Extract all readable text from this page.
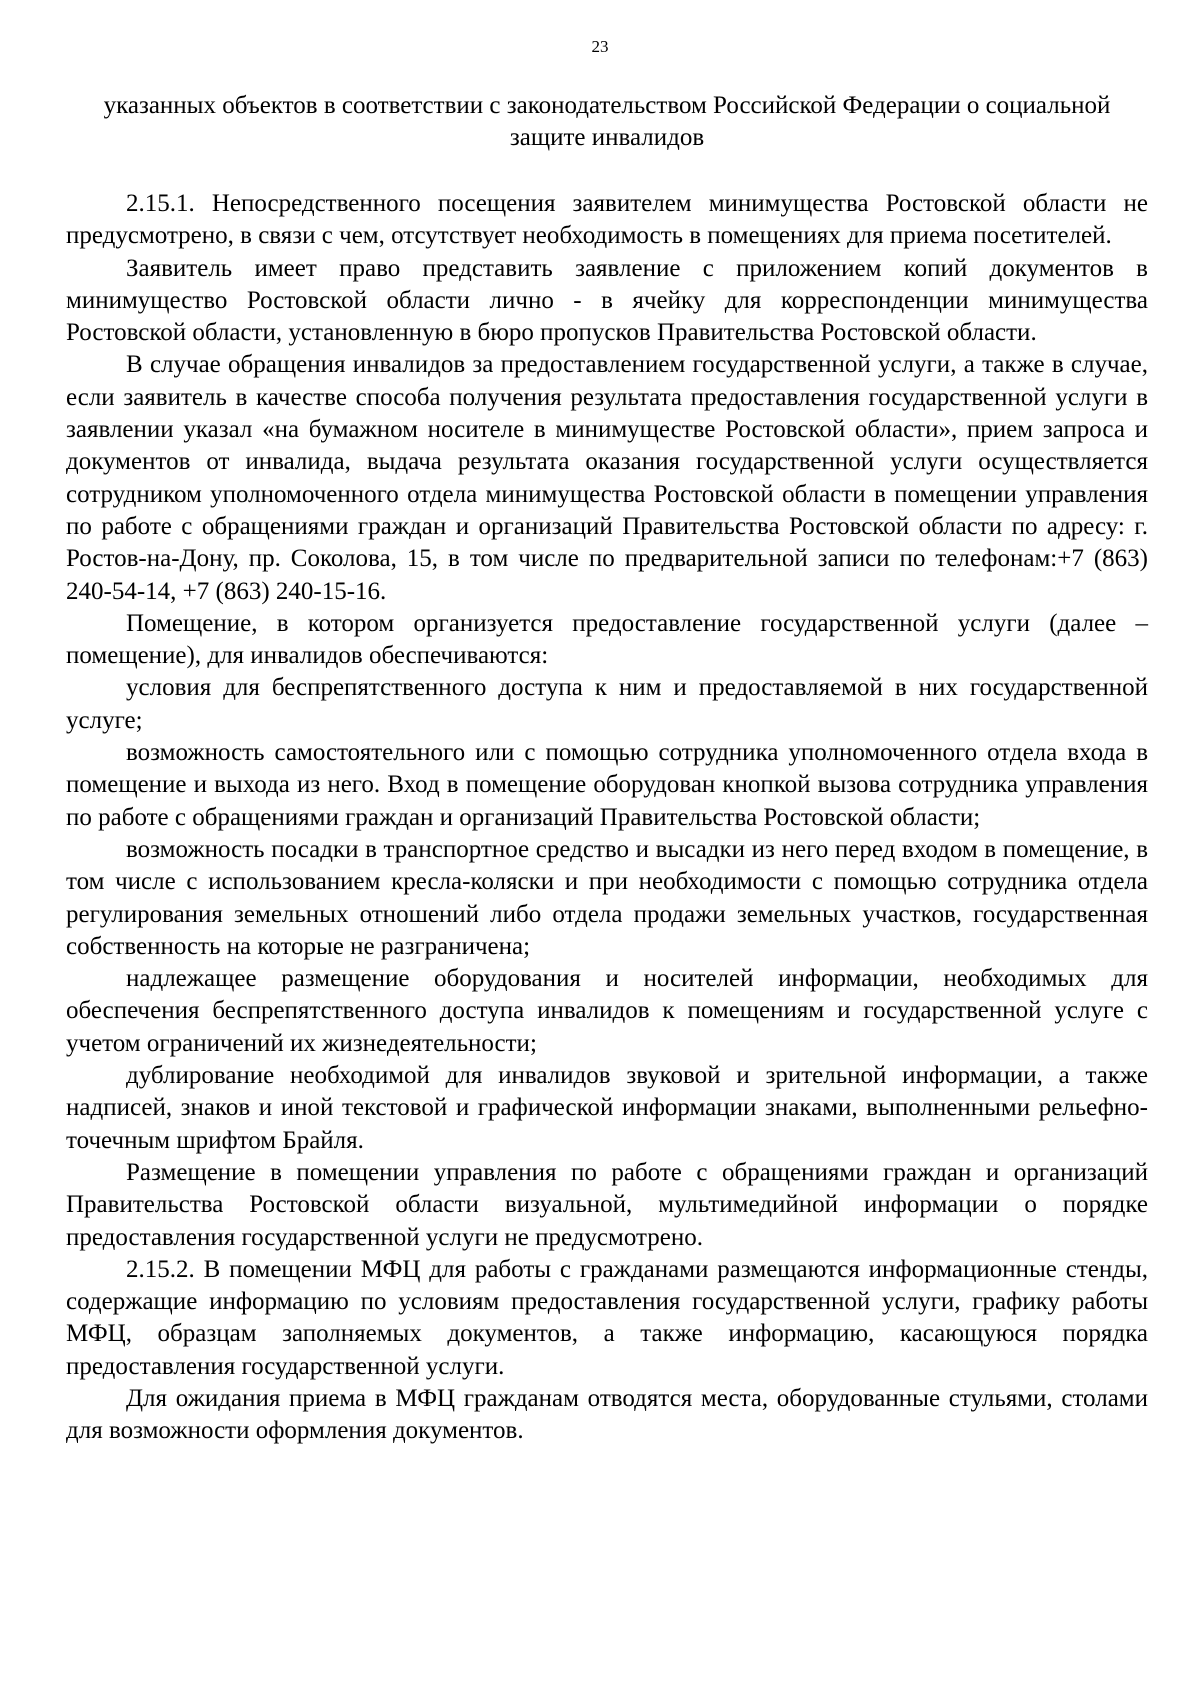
23
указанных объектов в соответствии с законодательством Российской Федерации о социальной защите инвалидов

2.15.1. Непосредственного посещения заявителем минимущества Ростовской области не предусмотрено, в связи с чем, отсутствует необходимость в помещениях для приема посетителей.

Заявитель имеет право представить заявление с приложением копий документов в минимущество Ростовской области лично - в ячейку для корреспонденции минимущества Ростовской области, установленную в бюро пропусков Правительства Ростовской области.

В случае обращения инвалидов за предоставлением государственной услуги, а также в случае, если заявитель в качестве способа получения результата предоставления государственной услуги в заявлении указал «на бумажном носителе в минимуществе Ростовской области», прием запроса и документов от инвалида, выдача результата оказания государственной услуги осуществляется сотрудником уполномоченного отдела минимущества Ростовской области в помещении управления по работе с обращениями граждан и организаций Правительства Ростовской области по адресу: г. Ростов-на-Дону, пр. Соколова, 15, в том числе по предварительной записи по телефонам:+7 (863) 240-54-14, +7 (863) 240-15-16.

Помещение, в котором организуется предоставление государственной услуги (далее – помещение), для инвалидов обеспечиваются:

условия для беспрепятственного доступа к ним и предоставляемой в них государственной услуге;

возможность самостоятельного или с помощью сотрудника уполномоченного отдела входа в помещение и выхода из него. Вход в помещение оборудован кнопкой вызова сотрудника управления по работе с обращениями граждан и организаций Правительства Ростовской области;

возможность посадки в транспортное средство и высадки из него перед входом в помещение, в том числе с использованием кресла-коляски и при необходимости с помощью сотрудника отдела регулирования земельных отношений либо отдела продажи земельных участков, государственная собственность на которые не разграничена;

надлежащее размещение оборудования и носителей информации, необходимых для обеспечения беспрепятственного доступа инвалидов к помещениям и государственной услуге с учетом ограничений их жизнедеятельности;

дублирование необходимой для инвалидов звуковой и зрительной информации, а также надписей, знаков и иной текстовой и графической информации знаками, выполненными рельефно-точечным шрифтом Брайля.

Размещение в помещении управления по работе с обращениями граждан и организаций Правительства Ростовской области визуальной, мультимедийной информации о порядке предоставления государственной услуги не предусмотрено.

2.15.2. В помещении МФЦ для работы с гражданами размещаются информационные стенды, содержащие информацию по условиям предоставления государственной услуги, графику работы МФЦ, образцам заполняемых документов, а также информацию, касающуюся порядка предоставления государственной услуги.

Для ожидания приема в МФЦ гражданам отводятся места, оборудованные стульями, столами для возможности оформления документов.
